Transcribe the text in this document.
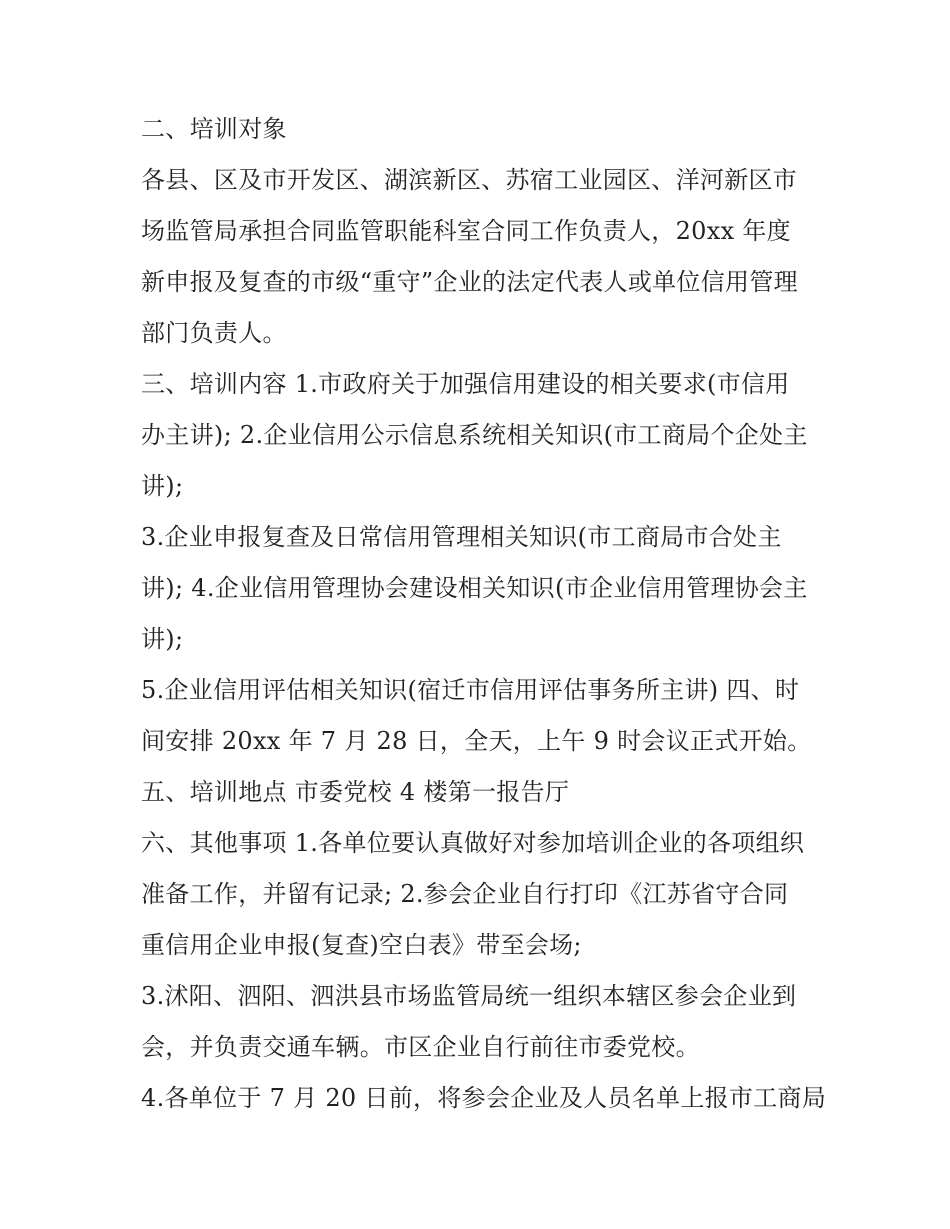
二、培训对象
各县、区及市开发区、湖滨新区、苏宿工业园区、洋河新区市
场监管局承担合同监管职能科室合同工作负责人，20xx 年度
新申报及复查的市级“重守”企业的法定代表人或单位信用管理
部门负责人。
三、培训内容 1.市政府关于加强信用建设的相关要求(市信用
办主讲); 2.企业信用公示信息系统相关知识(市工商局个企处主
讲);
3.企业申报复查及日常信用管理相关知识(市工商局市合处主
讲); 4.企业信用管理协会建设相关知识(市企业信用管理协会主
讲);
5.企业信用评估相关知识(宿迁市信用评估事务所主讲) 四、时
间安排 20xx 年 7 月 28 日，全天，上午 9 时会议正式开始。
五、培训地点 市委党校 4 楼第一报告厅
六、其他事项 1.各单位要认真做好对参加培训企业的各项组织
准备工作，并留有记录; 2.参会企业自行打印《江苏省守合同
重信用企业申报(复查)空白表》带至会场;
3.沭阳、泗阳、泗洪县市场监管局统一组织本辖区参会企业到
会，并负责交通车辆。市区企业自行前往市委党校。
4.各单位于 7 月 20 日前，将参会企业及人员名单上报市工商局
